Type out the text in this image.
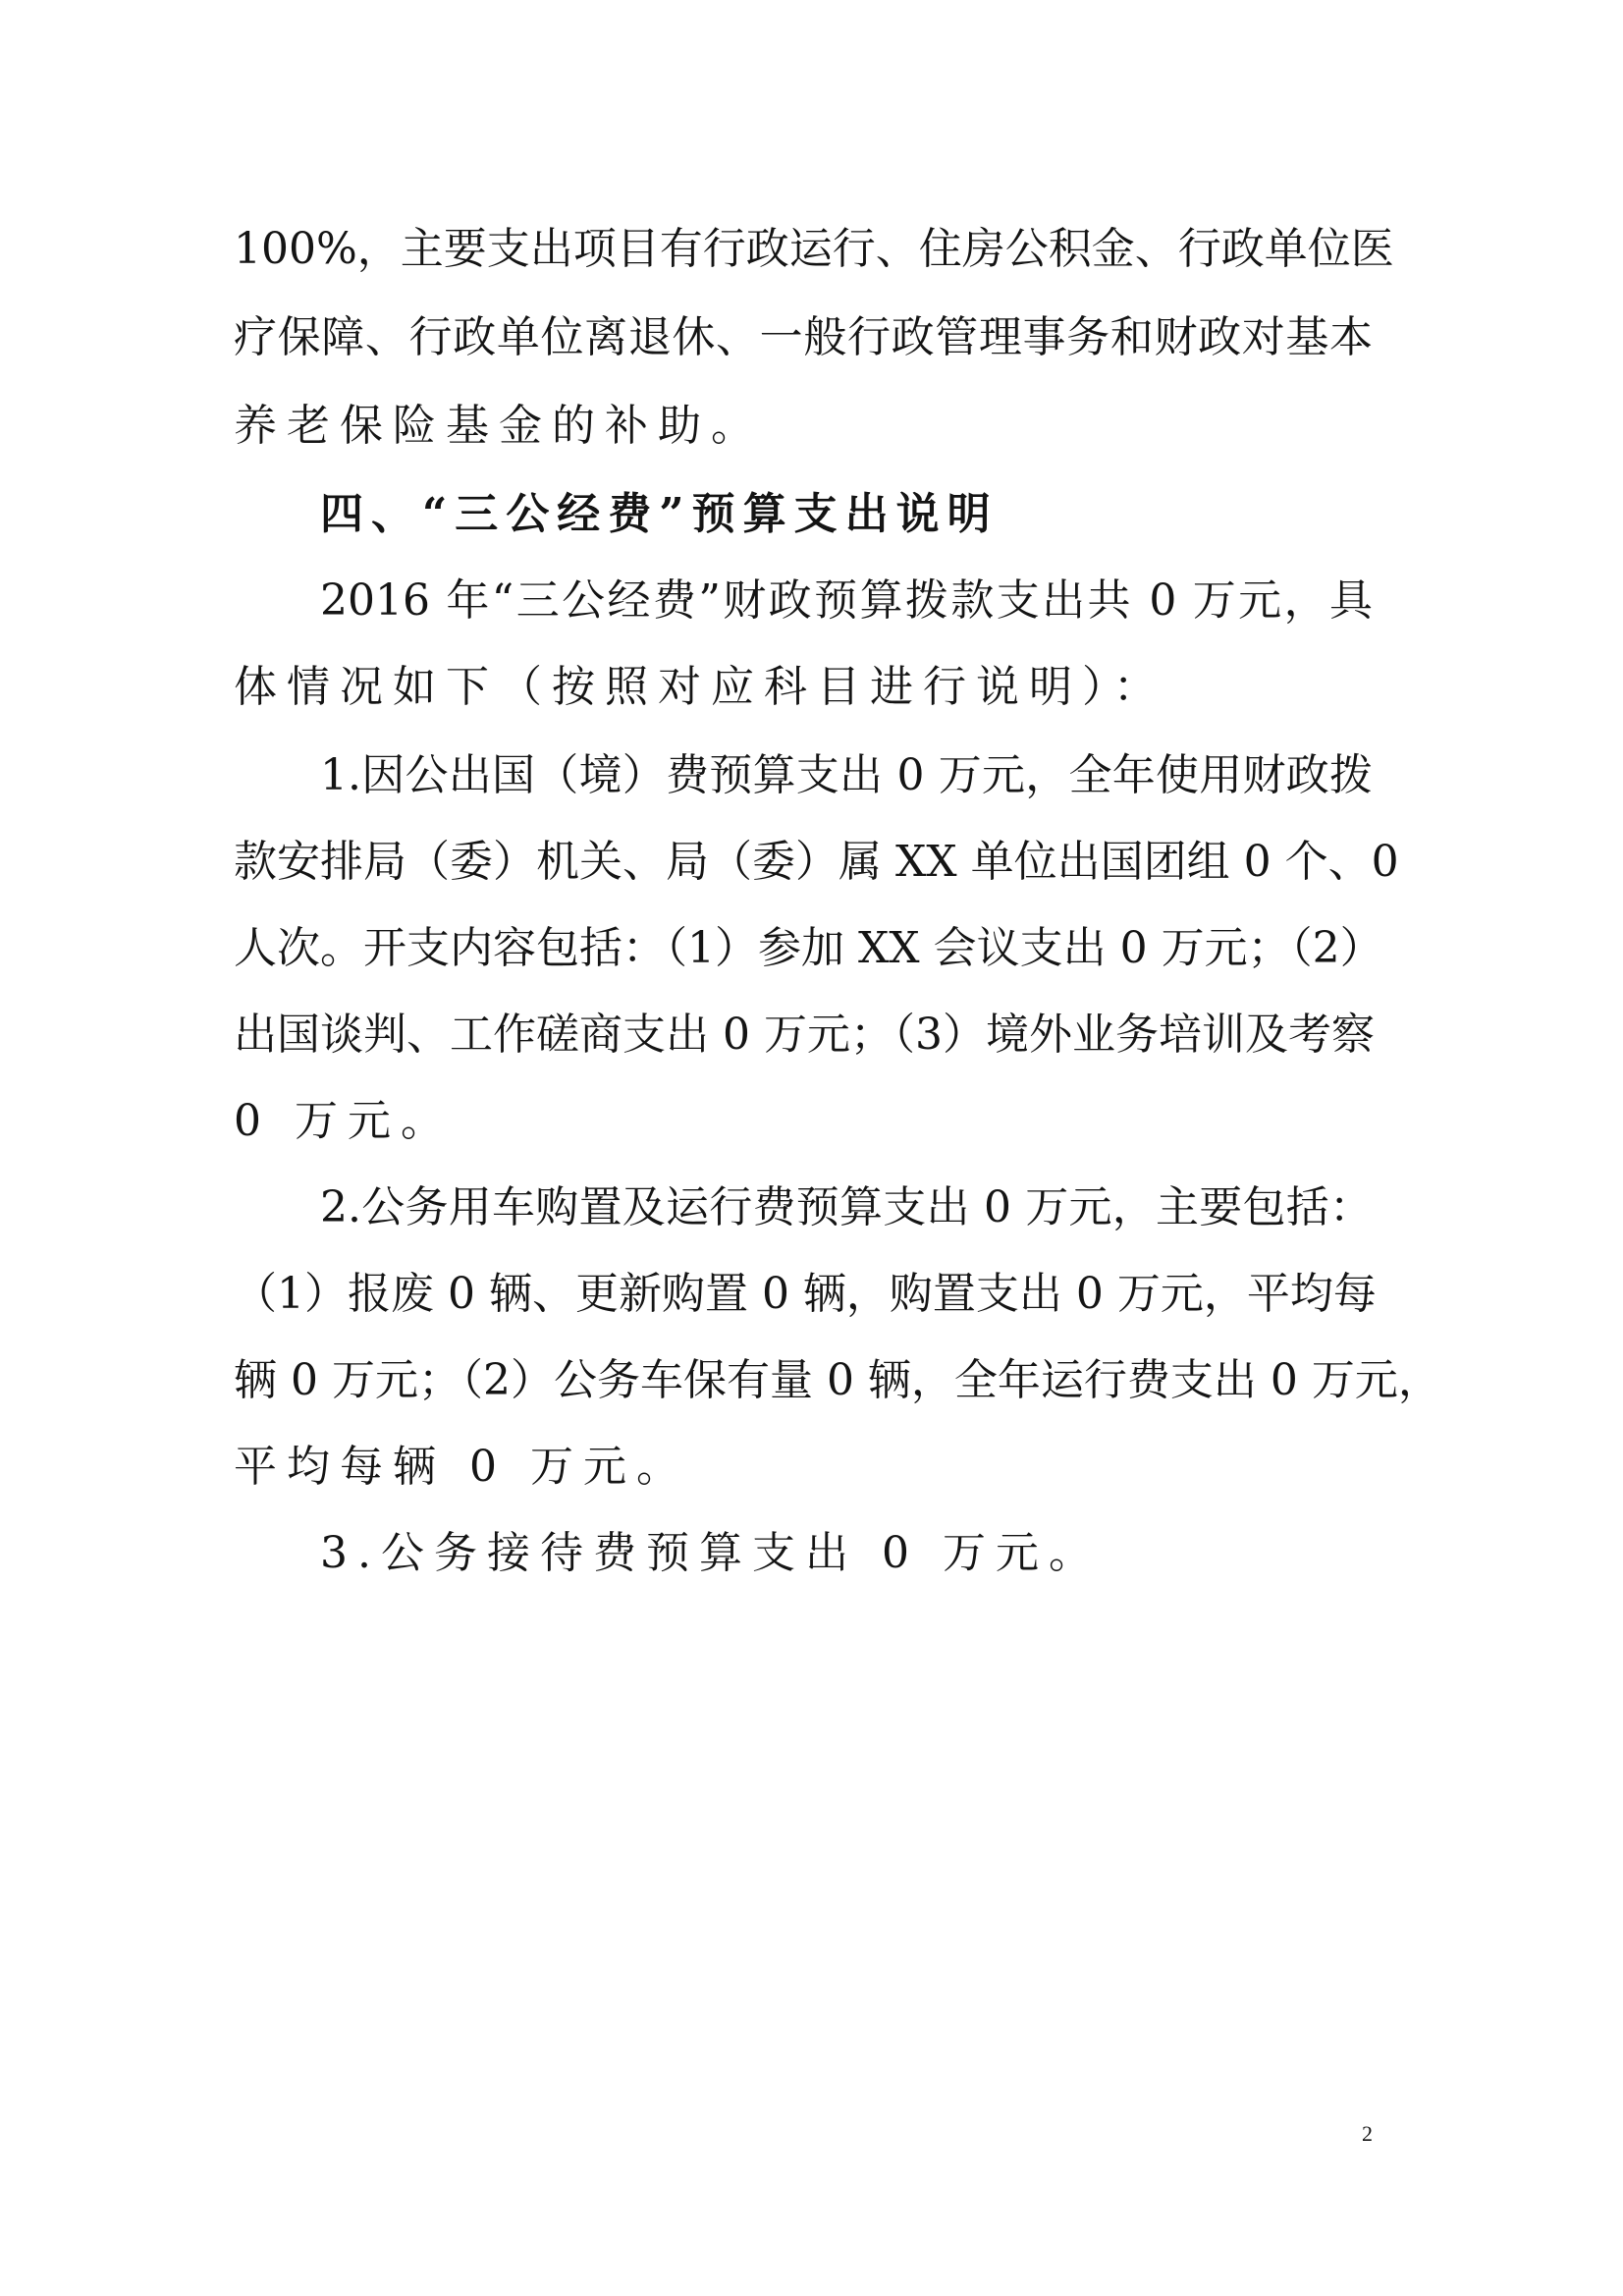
100%，主要支出项目有行政运行、住房公积金、行政单位医
疗保障、行政单位离退休、一般行政管理事务和财政对基本
养老保险基金的补助。
四、“三公经费”预算支出说明
2016 年“三公经费”财政预算拨款支出共 0 万元，具
体情况如下（按照对应科目进行说明）：
1.因公出国（境）费预算支出 0 万元，全年使用财政拨
款安排局（委）机关、局（委）属 XX 单位出国团组 0 个、0
人次。开支内容包括：（1）参加 XX 会议支出 0 万元；（2）
出国谈判、工作磋商支出 0 万元；（3）境外业务培训及考察
0 万元。
2.公务用车购置及运行费预算支出 0 万元，主要包括：
（1）报废 0 辆、更新购置 0 辆，购置支出 0 万元，平均每
辆 0 万元；（2）公务车保有量 0 辆，全年运行费支出 0 万元，
平均每辆 0 万元。
3.公务接待费预算支出 0 万元。
2
